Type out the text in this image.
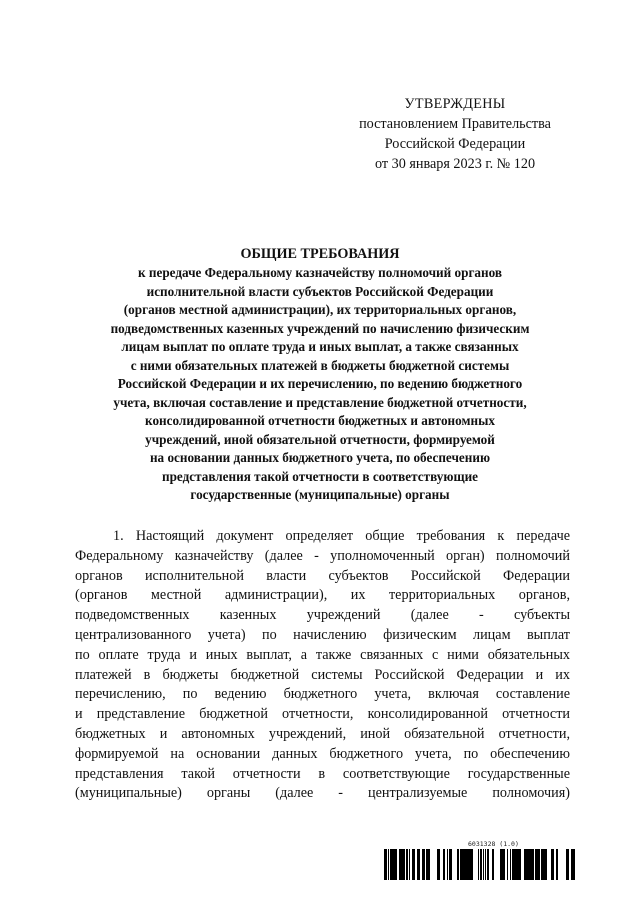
УТВЕРЖДЕНЫ
постановлением Правительства
Российской Федерации
от 30 января 2023 г. № 120
ОБЩИЕ ТРЕБОВАНИЯ
к передаче Федеральному казначейству полномочий органов
исполнительной власти субъектов Российской Федерации
(органов местной администрации), их территориальных органов,
подведомственных казенных учреждений по начислению физическим
лицам выплат по оплате труда и иных выплат, а также связанных
с ними обязательных платежей в бюджеты бюджетной системы
Российской Федерации и их перечислению, по ведению бюджетного
учета, включая составление и представление бюджетной отчетности,
консолидированной отчетности бюджетных и автономных
учреждений, иной обязательной отчетности, формируемой
на основании данных бюджетного учета, по обеспечению
представления такой отчетности в соответствующие
государственные (муниципальные) органы
1. Настоящий документ определяет общие требования к передаче
Федеральному казначейству (далее - уполномоченный орган) полномочий
органов исполнительной власти субъектов Российской Федерации
(органов местной администрации), их территориальных органов,
подведомственных казенных учреждений (далее - субъекты
централизованного учета) по начислению физическим лицам выплат
по оплате труда и иных выплат, а также связанных с ними обязательных
платежей в бюджеты бюджетной системы Российской Федерации и их
перечислению, по ведению бюджетного учета, включая составление
и представление бюджетной отчетности, консолидированной отчетности
бюджетных и автономных учреждений, иной обязательной отчетности,
формируемой на основании данных бюджетного учета, по обеспечению
представления такой отчетности в соответствующие государственные
(муниципальные) органы (далее - централизуемые полномочия)
6031328 (1.0)
